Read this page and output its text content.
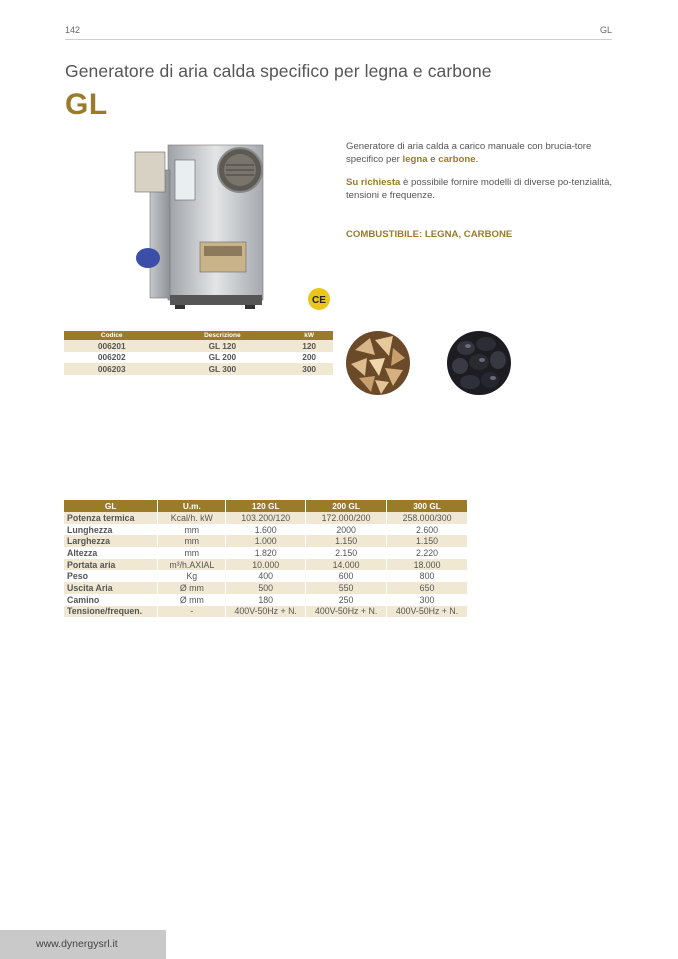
142	GL
Generatore di aria calda specifico per legna e carbone
GL
CE

Generatore di aria calda a carico manuale con brucia-tore specifico per legna e carbone.

Su richiesta è possibile fornire modelli di diverse po-tenzialità, tensioni e frequenze.

COMBUSTIBILE: LEGNA, CARBONE
Codice	Descrizione	kW
006201	GL 120	120
006202	GL 200	200
006203	GL 300	300
GL	U.m.	120 GL	200 GL	300 GL
Potenza termica	Kcal/h. kW	103.200/120	172.000/200	258.000/300
Lunghezza	mm	1.600	2000	2.600
Larghezza	mm	1.000	1.150	1.150
Altezza	mm	1.820	2.150	2.220
Portata aria	m³/h.AXIAL	10.000	14.000	18.000
Peso	Kg	400	600	800
Uscita Aria	Ø mm	500	550	650
Camino	Ø mm	180	250	300
Tensione/frequen.	-	400V-50Hz + N.	400V-50Hz + N.	400V-50Hz + N.
www.dynergysrl.it
